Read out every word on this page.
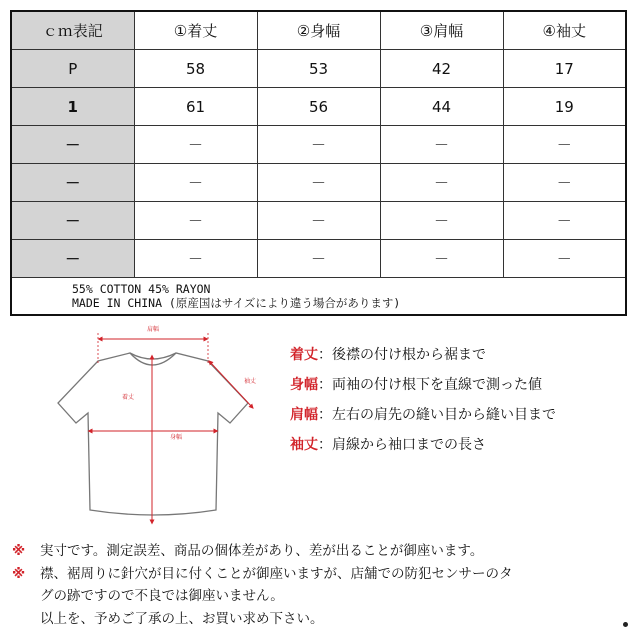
ｃｍ表記	①着丈	②身幅	③肩幅	④袖丈
P	58	53	42	17
1	61	56	44	19
－	－	－	－	－
－	－	－	－	－
－	－	－	－	－
－	－	－	－	－

55% COTTON 45% RAYON
MADE IN CHINA (原産国はサイズにより違う場合があります)				
肩幅
袖丈
着丈
身幅
着丈：後襟の付け根から裾まで
身幅：両袖の付け根下を直線で測った値
肩幅：左右の肩先の縫い目から縫い目まで
袖丈：肩線から袖口までの長さ
※ 実寸です。測定誤差、商品の個体差があり、差が出ることが御座います。
※ 襟、裾周りに針穴が目に付くことが御座いますが、店舗での防犯センサーのタ
グの跡ですので不良では御座いません。
以上を、予めご了承の上、お買い求め下さい。
